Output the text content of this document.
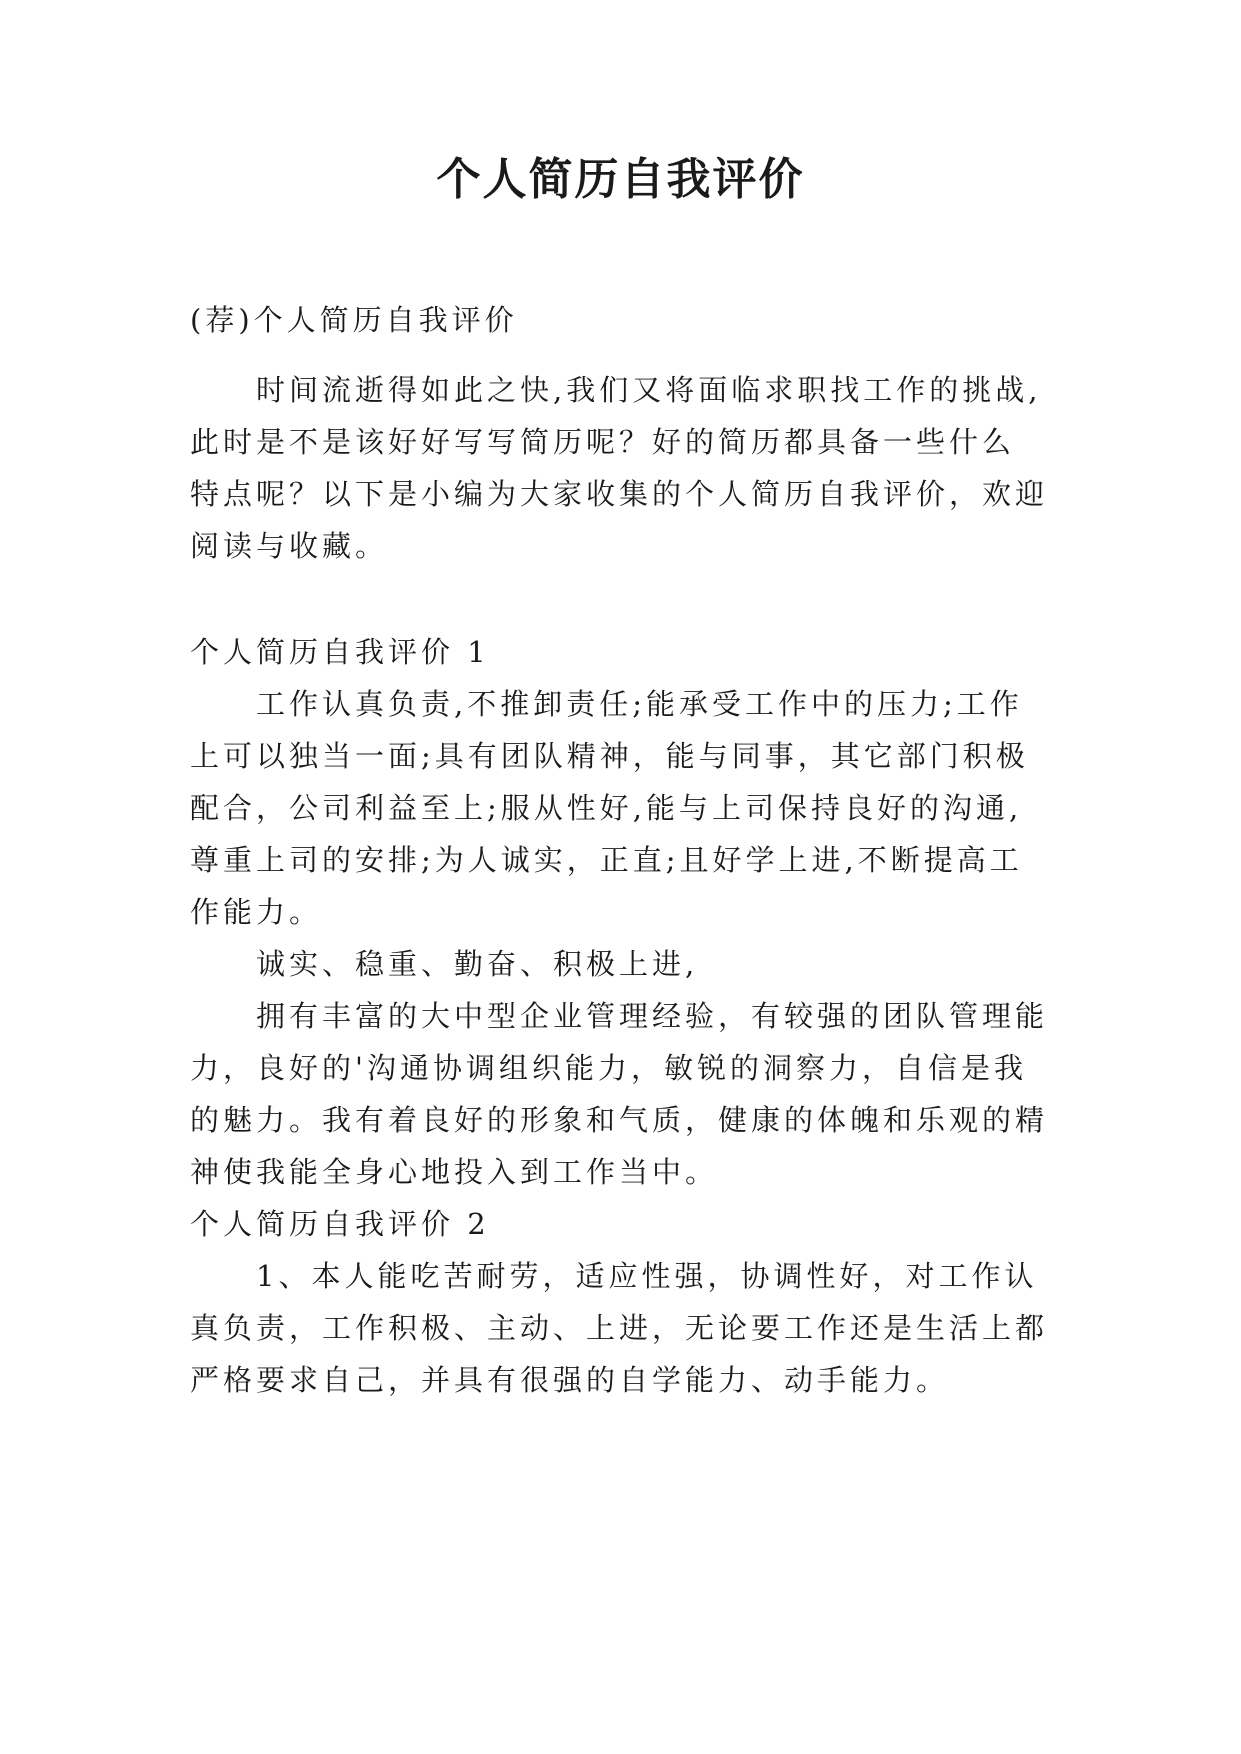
个人简历自我评价
(荐)个人简历自我评价
时间流逝得如此之快,我们又将面临求职找工作的挑战,
此时是不是该好好写写简历呢？好的简历都具备一些什么
特点呢？以下是小编为大家收集的个人简历自我评价，欢迎
阅读与收藏。
个人简历自我评价 1
工作认真负责,不推卸责任;能承受工作中的压力;工作
上可以独当一面;具有团队精神，能与同事，其它部门积极
配合，公司利益至上;服从性好,能与上司保持良好的沟通,
尊重上司的安排;为人诚实，正直;且好学上进,不断提高工
作能力。
诚实、稳重、勤奋、积极上进,
拥有丰富的大中型企业管理经验，有较强的团队管理能
力，良好的'沟通协调组织能力，敏锐的洞察力，自信是我
的魅力。我有着良好的形象和气质，健康的体魄和乐观的精
神使我能全身心地投入到工作当中。
个人简历自我评价 2
1、本人能吃苦耐劳，适应性强，协调性好，对工作认
真负责，工作积极、主动、上进，无论要工作还是生活上都
严格要求自己，并具有很强的自学能力、动手能力。
